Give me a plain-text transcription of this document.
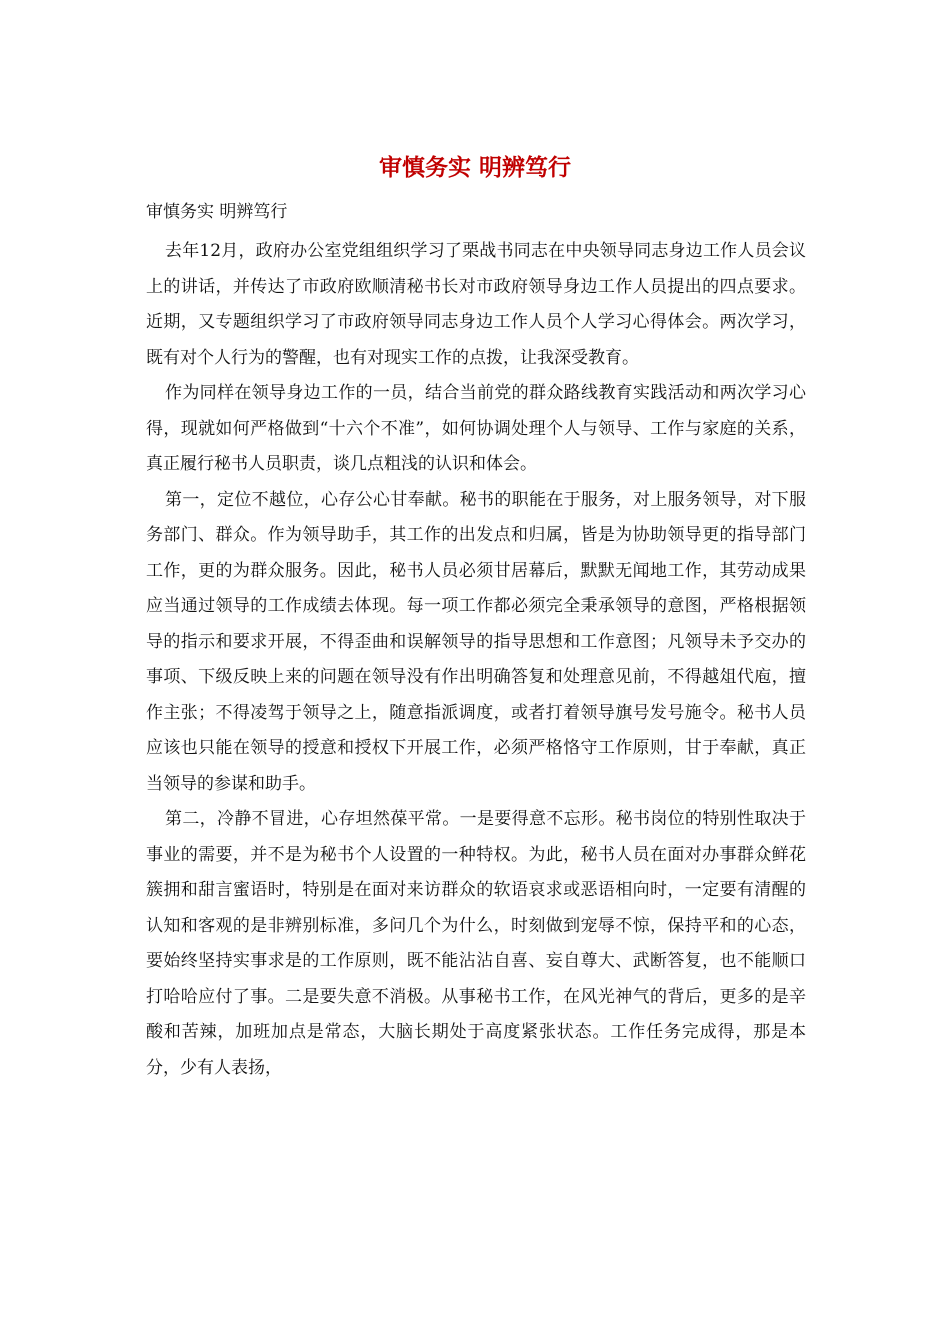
审慎务实 明辨笃行
审慎务实 明辨笃行

去年12月，政府办公室党组组织学习了栗战书同志在中央领导同志身边工作人员会议上的讲话，并传达了市政府欧顺清秘书长对市政府领导身边工作人员提出的四点要求。近期，又专题组织学习了市政府领导同志身边工作人员个人学习心得体会。两次学习，既有对个人行为的警醒，也有对现实工作的点拨，让我深受教育。

作为同样在领导身边工作的一员，结合当前党的群众路线教育实践活动和两次学习心得，现就如何严格做到“十六个不准”，如何协调处理个人与领导、工作与家庭的关系，真正履行秘书人员职责，谈几点粗浅的认识和体会。

第一，定位不越位，心存公心甘奉献。秘书的职能在于服务，对上服务领导，对下服务部门、群众。作为领导助手，其工作的出发点和归属，皆是为协助领导更的指导部门工作，更的为群众服务。因此，秘书人员必须甘居幕后，默默无闻地工作，其劳动成果应当通过领导的工作成绩去体现。每一项工作都必须完全秉承领导的意图，严格根据领导的指示和要求开展，不得歪曲和误解领导的指导思想和工作意图；凡领导未予交办的事项、下级反映上来的问题在领导没有作出明确答复和处理意见前，不得越俎代庖，擅作主张；不得凌驾于领导之上，随意指派调度，或者打着领导旗号发号施令。秘书人员应该也只能在领导的授意和授权下开展工作，必须严格恪守工作原则，甘于奉献，真正当领导的参谋和助手。

第二，冷静不冒进，心存坦然葆平常。一是要得意不忘形。秘书岗位的特别性取决于事业的需要，并不是为秘书个人设置的一种特权。为此，秘书人员在面对办事群众鲜花簇拥和甜言蜜语时，特别是在面对来访群众的软语哀求或恶语相向时，一定要有清醒的认知和客观的是非辨别标准，多问几个为什么，时刻做到宠辱不惊，保持平和的心态，要始终坚持实事求是的工作原则，既不能沾沾自喜、妄自尊大、武断答复，也不能顺口打哈哈应付了事。二是要失意不消极。从事秘书工作，在风光神气的背后，更多的是辛酸和苦辣，加班加点是常态，大脑长期处于高度紧张状态。工作任务完成得，那是本分，少有人表扬，
